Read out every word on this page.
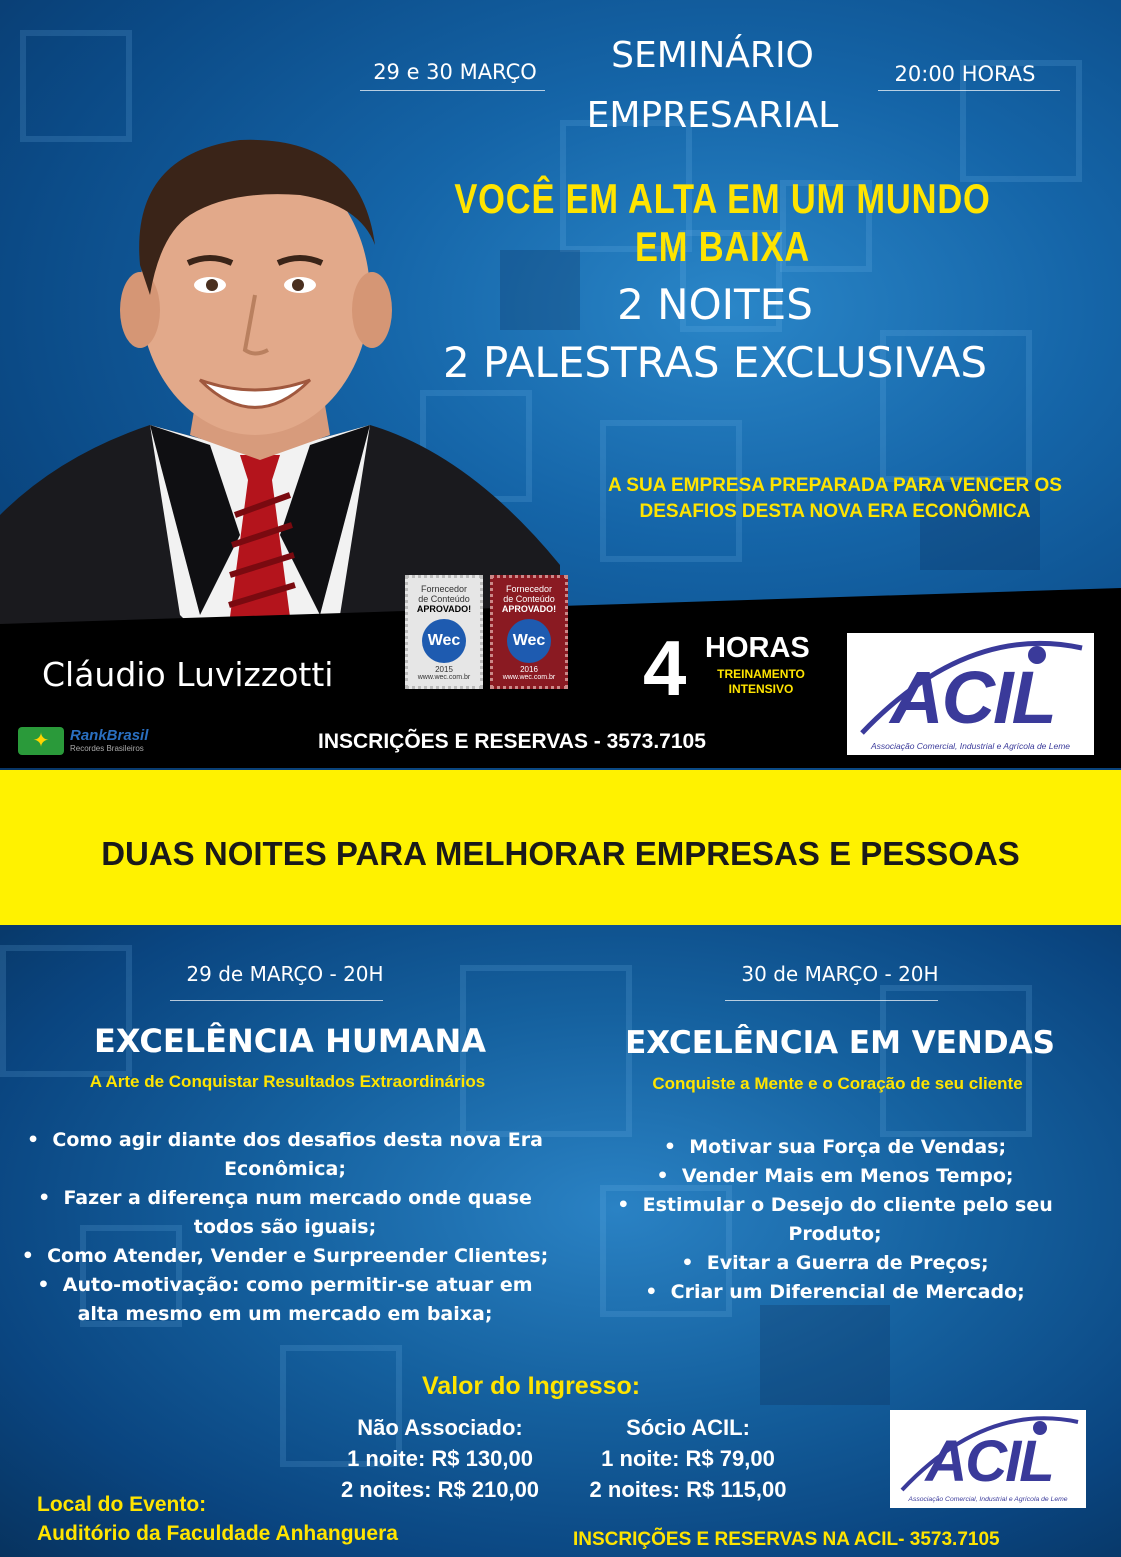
29 e 30 MARÇO	SEMINÁRIO
EMPRESARIAL
20:00 HORAS
VOCÊ EM ALTA EM UM MUNDO EM BAIXA
2 NOITES
2 PALESTRAS EXCLUSIVAS
A SUA EMPRESA PREPARADA PARA VENCER OS DESAFIOS DESTA NOVA ERA ECONÔMICA
Cláudio Luvizzotti
Fornecedor
de Conteúdo
APROVADO!
Wec
2015
www.wec.com.br
Fornecedor
de Conteúdo
APROVADO!
Wec
2016
www.wec.com.br 4 HORAS
TREINAMENTO
INTENSIVO	ACIL
Associação Comercial, Industrial e Agrícola de Leme
✦	RankBrasil
Recordes Brasileiros	INSCRIÇÕES E RESERVAS - 3573.7105
DUAS NOITES PARA MELHORAR EMPRESAS E PESSOAS
29 de MARÇO - 20H
EXCELÊNCIA HUMANA
A Arte de Conquistar Resultados Extraordinários
•  Como agir diante dos desafios desta nova Era Econômica;
•  Fazer a diferença num mercado onde quase todos são iguais;
•  Como Atender, Vender e Surpreender Clientes;
•  Auto-motivação: como permitir-se atuar em alta mesmo em um mercado em baixa;
30 de MARÇO - 20H
EXCELÊNCIA EM VENDAS
Conquiste a Mente e o Coração de seu cliente
•  Motivar sua Força de Vendas;
•  Vender Mais em Menos Tempo;
•  Estimular o Desejo do cliente pelo seu Produto;
•  Evitar a Guerra de Preços;
•  Criar um Diferencial de Mercado;
Valor do Ingresso:
Não Associado:
1 noite: R$ 130,00
2 noites: R$ 210,00
Sócio ACIL:
1 noite: R$ 79,00
2 noites: R$ 115,00	ACIL
Associação Comercial, Industrial e Agrícola de Leme
Local do Evento:
Auditório da Faculdade Anhanguera	INSCRIÇÕES E RESERVAS NA ACIL- 3573.7105
